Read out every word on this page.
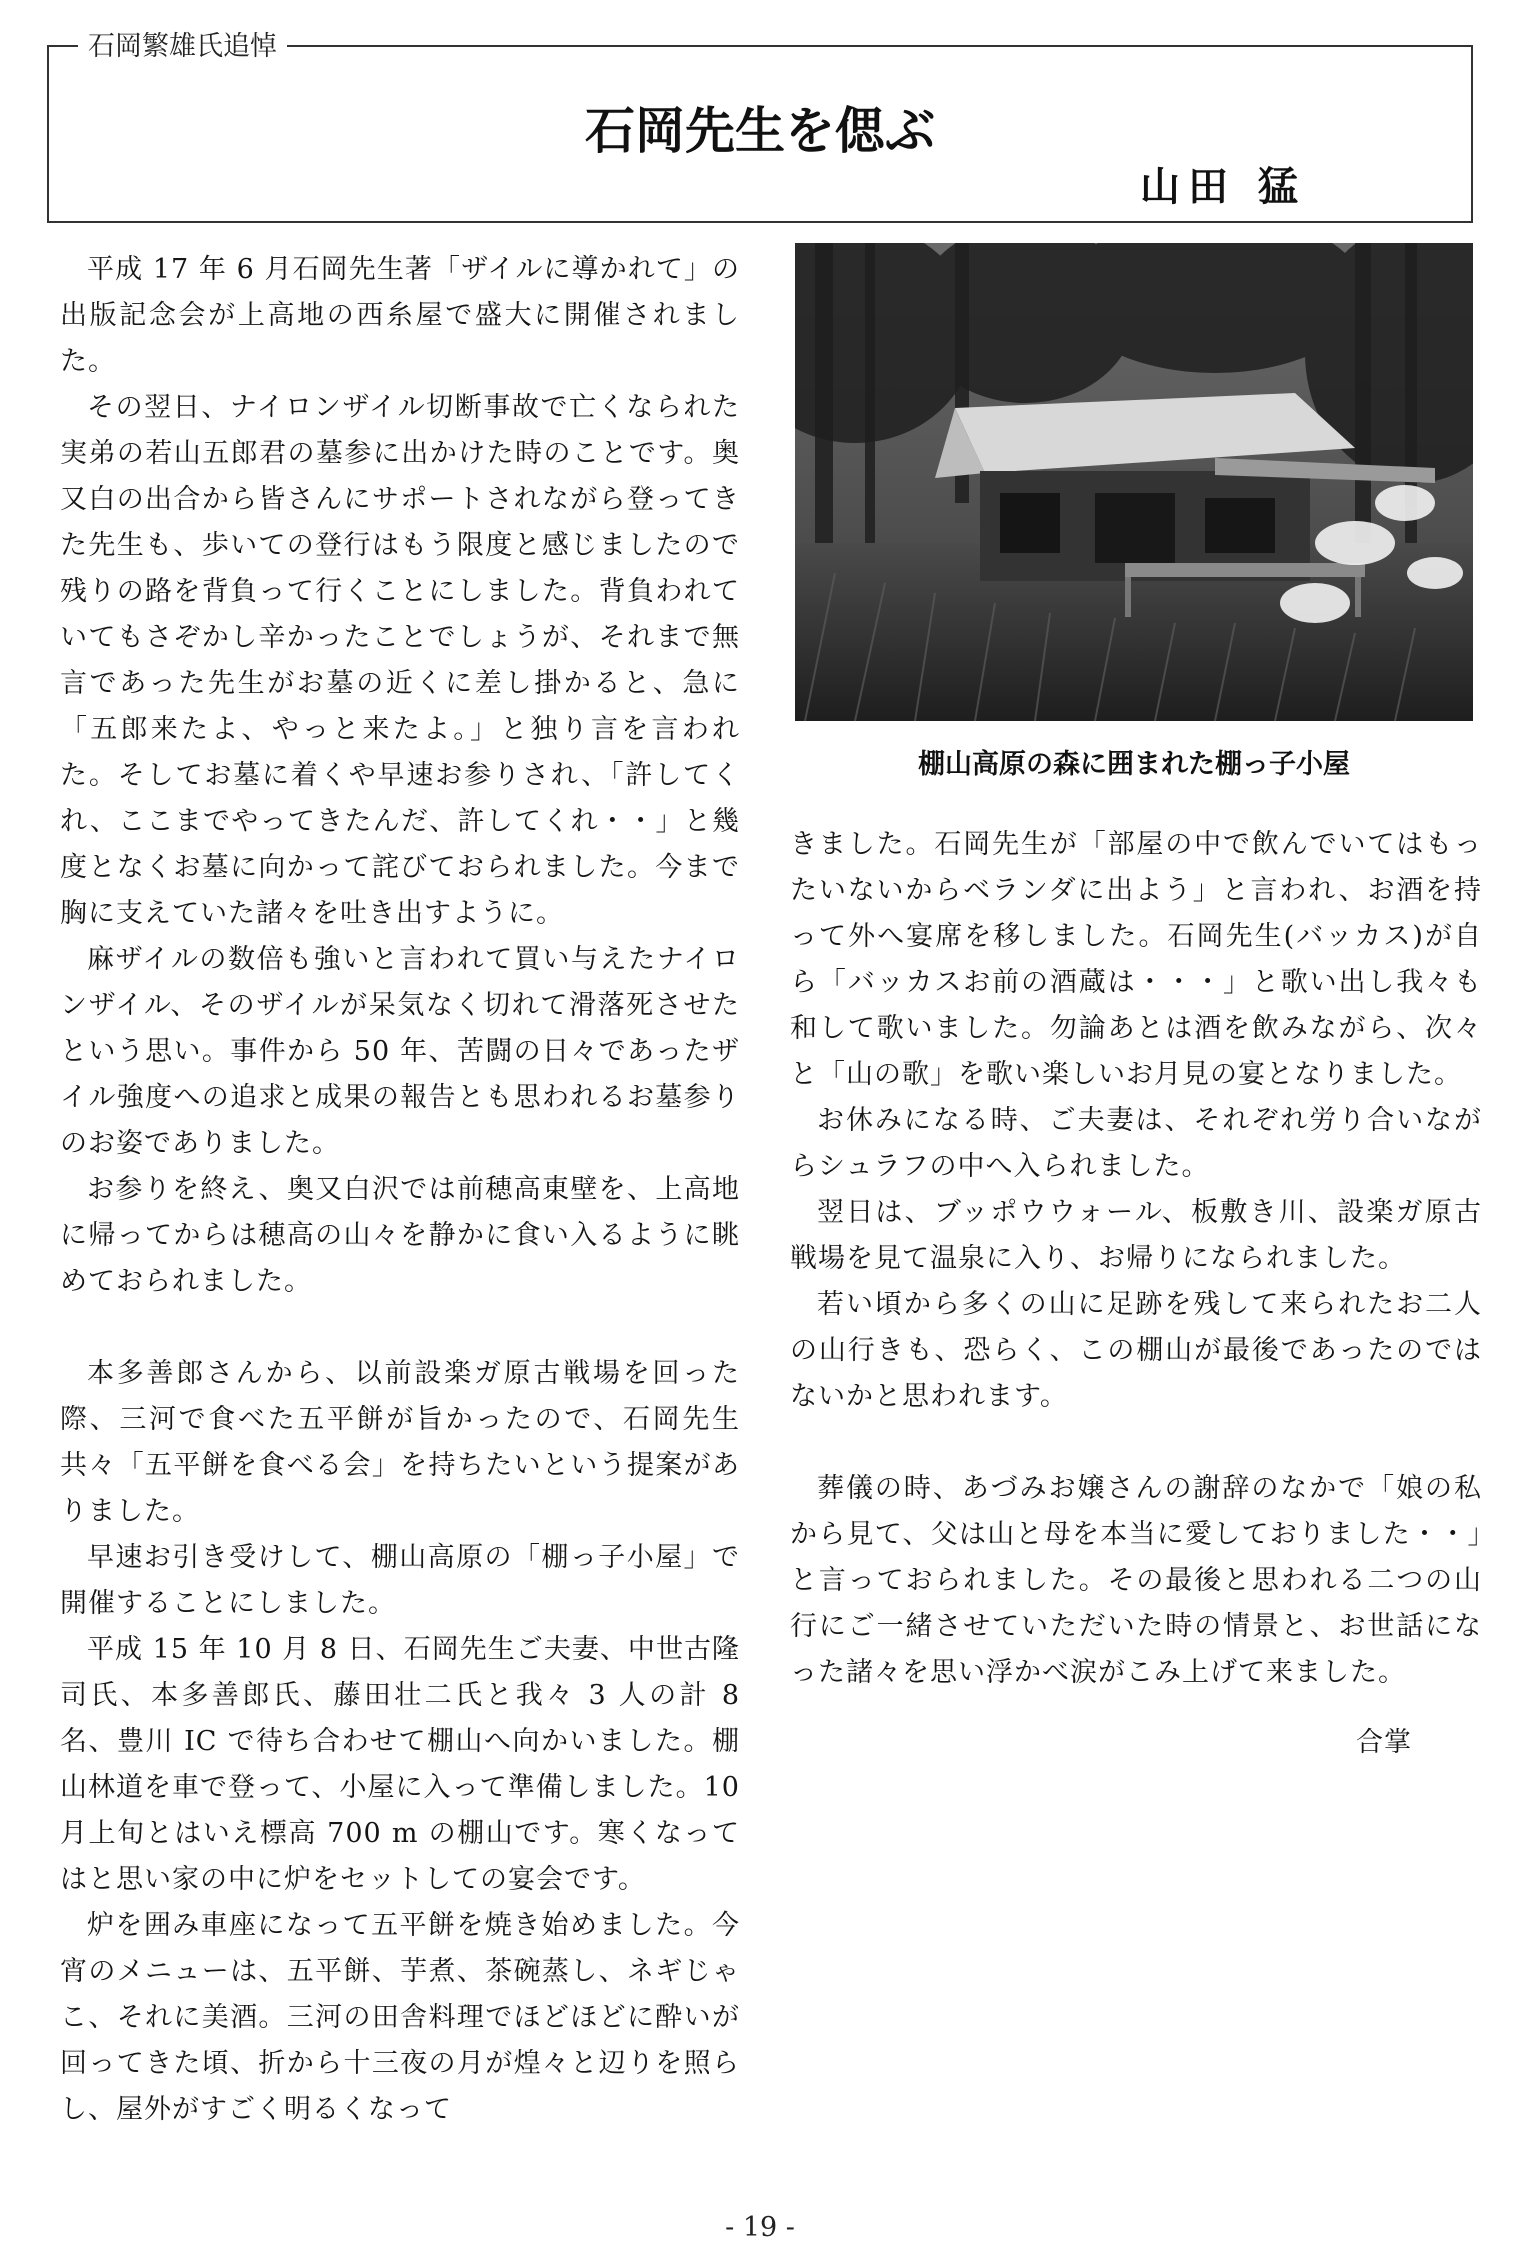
石岡繁雄氏追悼
石岡先生を偲ぶ
山田 猛

平成 17 年 6 月石岡先生著「ザイルに導かれて」の出版記念会が上高地の西糸屋で盛大に開催されました。

その翌日、ナイロンザイル切断事故で亡くなられた実弟の若山五郎君の墓参に出かけた時のことです。奥又白の出合から皆さんにサポートされながら登ってきた先生も、歩いての登行はもう限度と感じましたので残りの路を背負って行くことにしました。背負われていてもさぞかし辛かったことでしょうが、それまで無言であった先生がお墓の近くに差し掛かると、急に「五郎来たよ、やっと来たよ。」と独り言を言われた。そしてお墓に着くや早速お参りされ、「許してくれ、ここまでやってきたんだ、許してくれ・・」と幾度となくお墓に向かって詫びておられました。今まで胸に支えていた諸々を吐き出すように。

麻ザイルの数倍も強いと言われて買い与えたナイロンザイル、そのザイルが呆気なく切れて滑落死させたという思い。事件から 50 年、苦闘の日々であったザイル強度への追求と成果の報告とも思われるお墓参りのお姿でありました。

お参りを終え、奥又白沢では前穂高東壁を、上高地に帰ってからは穂高の山々を静かに食い入るように眺めておられました。

本多善郎さんから、以前設楽ガ原古戦場を回った際、三河で食べた五平餅が旨かったので、石岡先生共々「五平餅を食べる会」を持ちたいという提案がありました。

早速お引き受けして、棚山高原の「棚っ子小屋」で開催することにしました。

平成 15 年 10 月 8 日、石岡先生ご夫妻、中世古隆司氏、本多善郎氏、藤田壮二氏と我々 3 人の計 8 名、豊川 IC で待ち合わせて棚山へ向かいました。棚山林道を車で登って、小屋に入って準備しました。10 月上旬とはいえ標高 700 m の棚山です。寒くなってはと思い家の中に炉をセットしての宴会です。

炉を囲み車座になって五平餅を焼き始めました。今宵のメニューは、五平餅、芋煮、茶碗蒸し、ネギじゃこ、それに美酒。三河の田舎料理でほどほどに酔いが回ってきた頃、折から十三夜の月が煌々と辺りを照らし、屋外がすごく明るくなって

棚山高原の森に囲まれた棚っ子小屋

きました。石岡先生が「部屋の中で飲んでいてはもったいないからベランダに出よう」と言われ、お酒を持って外へ宴席を移しました。石岡先生(バッカス)が自ら「バッカスお前の酒蔵は・・・」と歌い出し我々も和して歌いました。勿論あとは酒を飲みながら、次々と「山の歌」を歌い楽しいお月見の宴となりました。

お休みになる時、ご夫妻は、それぞれ労り合いながらシュラフの中へ入られました。

翌日は、ブッポウウォール、板敷き川、設楽ガ原古戦場を見て温泉に入り、お帰りになられました。

若い頃から多くの山に足跡を残して来られたお二人の山行きも、恐らく、この棚山が最後であったのではないかと思われます。

葬儀の時、あづみお嬢さんの謝辞のなかで「娘の私から見て、父は山と母を本当に愛しておりました・・」と言っておられました。その最後と思われる二つの山行にご一緒させていただいた時の情景と、お世話になった諸々を思い浮かべ涙がこみ上げて来ました。

合掌

- 19 -
